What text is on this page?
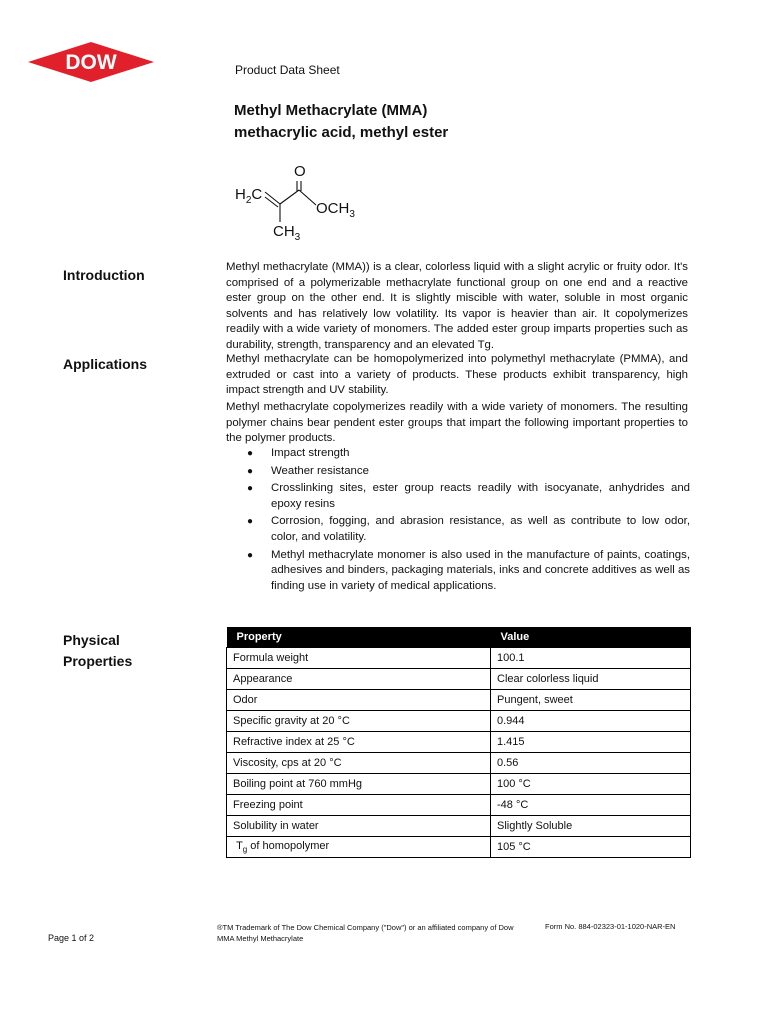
DOW	Product Data Sheet
Methyl Methacrylate (MMA)
methacrylic acid, methyl ester
$H_2C$
O
$OCH_3$
$CH_3$
Introduction
Applications
Physical
Properties
Methyl methacrylate (MMA)) is a clear, colorless liquid with a slight acrylic or fruity odor. It's comprised of a polymerizable methacrylate functional group on one end and a reactive ester group on the other end. It is slightly miscible with water, soluble in most organic solvents and has relatively low volatility. Its vapor is heavier than air. It copolymerizes readily with a wide variety of monomers. The added ester group imparts properties such as durability, strength, transparency and an elevated Tg.
Methyl methacrylate can be homopolymerized into polymethyl methacrylate (PMMA), and extruded or cast into a variety of products. These products exhibit transparency, high impact strength and UV stability.
Methyl methacrylate copolymerizes readily with a wide variety of monomers. The resulting polymer chains bear pendent ester groups that impart the following important properties to the polymer products.
● Impact strength
● Weather resistance
● Crosslinking sites, ester group reacts readily with isocyanate, anhydrides and epoxy resins
● Corrosion, fogging, and abrasion resistance, as well as contribute to low odor, color, and volatility.
● Methyl methacrylate monomer is also used in the manufacture of paints, coatings, adhesives and binders, packaging materials, inks and concrete additives as well as finding use in variety of medical applications.
Property	Value
Formula weight	100.1
Appearance	Clear colorless liquid
Odor	Pungent, sweet
Specific gravity at 20 °C	0.944
Refractive index at 25 °C	1.415
Viscosity, cps at 20 °C	0.56
Boiling point at 760 mmHg	100 °C
Freezing point	-48 °C
Solubility in water	Slightly Soluble
$T_g$ of homopolymer	105 °C
Page 1 of 2
®TM Trademark of The Dow Chemical Company ("Dow") or an affiliated company of Dow
MMA Methyl Methacrylate
Form No. 884-02323-01-1020-NAR-EN
